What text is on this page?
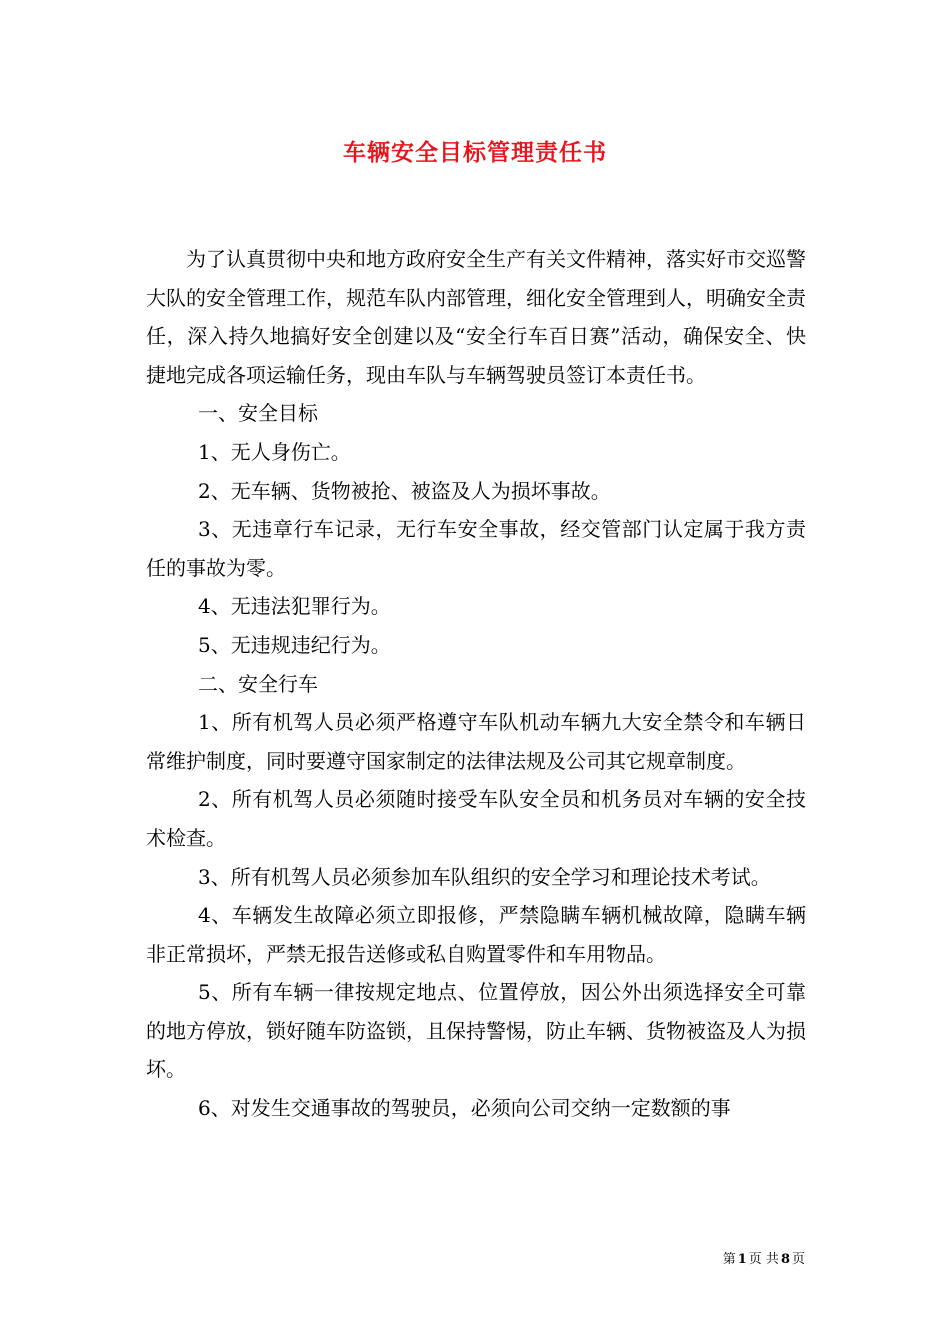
车辆安全目标管理责任书

为了认真贯彻中央和地方政府安全生产有关文件精神，落实好市交巡警大队的安全管理工作，规范车队内部管理，细化安全管理到人，明确安全责任，深入持久地搞好安全创建以及“安全行车百日赛”活动，确保安全、快捷地完成各项运输任务，现由车队与车辆驾驶员签订本责任书。

一、安全目标

1、无人身伤亡。

2、无车辆、货物被抢、被盗及人为损坏事故。

3、无违章行车记录，无行车安全事故，经交管部门认定属于我方责任的事故为零。

4、无违法犯罪行为。

5、无违规违纪行为。

二、安全行车

1、所有机驾人员必须严格遵守车队机动车辆九大安全禁令和车辆日常维护制度，同时要遵守国家制定的法律法规及公司其它规章制度。

2、所有机驾人员必须随时接受车队安全员和机务员对车辆的安全技术检查。

3、所有机驾人员必须参加车队组织的安全学习和理论技术考试。

4、车辆发生故障必须立即报修，严禁隐瞒车辆机械故障，隐瞒车辆非正常损坏，严禁无报告送修或私自购置零件和车用物品。

5、所有车辆一律按规定地点、位置停放，因公外出须选择安全可靠的地方停放，锁好随车防盗锁，且保持警惕，防止车辆、货物被盗及人为损坏。

6、对发生交通事故的驾驶员，必须向公司交纳一定数额的事

第 1 页 共 8 页
